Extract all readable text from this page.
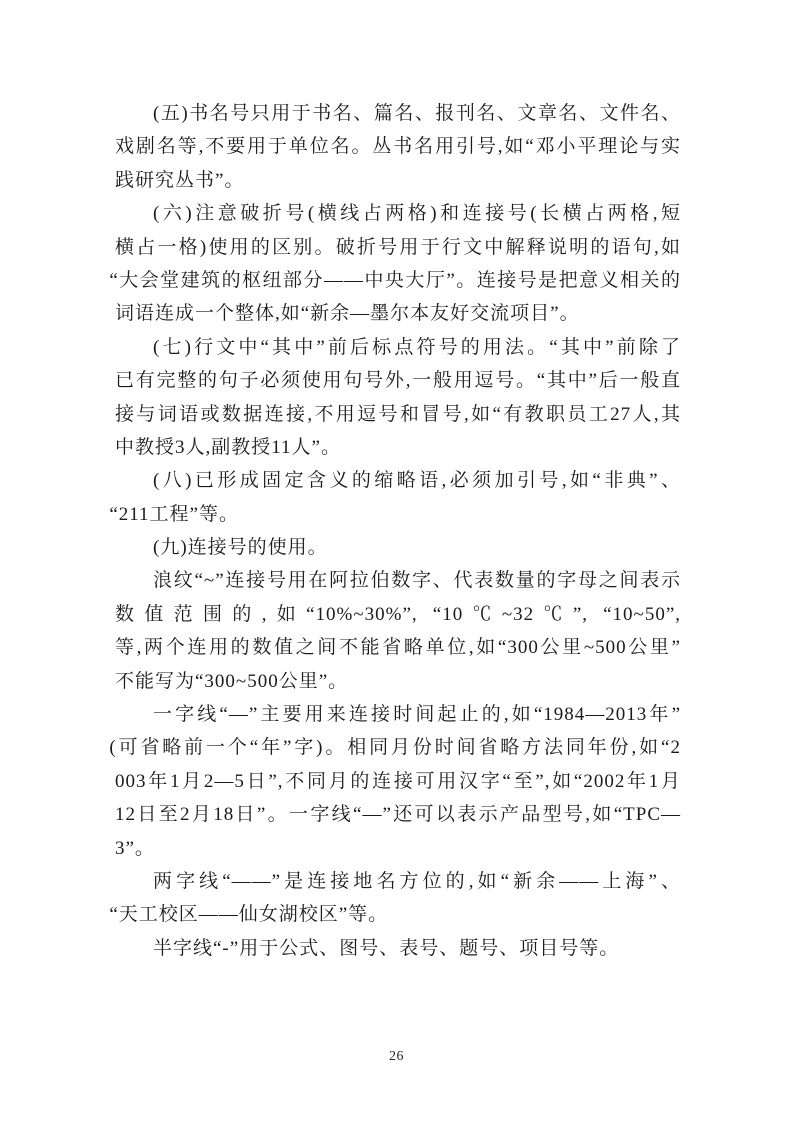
(五)书名号只用于书名、篇名、报刊名、文章名、文件名、
戏剧名等,不要用于单位名。丛书名用引号,如“邓小平理论与实
践研究丛书”。
(六)注意破折号(横线占两格)和连接号(长横占两格,短
横占一格)使用的区别。破折号用于行文中解释说明的语句,如
“大会堂建筑的枢纽部分——中央大厅”。连接号是把意义相关的
词语连成一个整体,如“新余—墨尔本友好交流项目”。
(七)行文中“其中”前后标点符号的用法。“其中”前除了
已有完整的句子必须使用句号外,一般用逗号。“其中”后一般直
接与词语或数据连接,不用逗号和冒号,如“有教职员工27人,其
中教授3人,副教授11人”。
(八)已形成固定含义的缩略语,必须加引号,如“非典”、
“211工程”等。
(九)连接号的使用。
浪纹“~”连接号用在阿拉伯数字、代表数量的字母之间表示
数值范围的,如“10%~30%”, “10℃~32℃”, “10~50”,
等,两个连用的数值之间不能省略单位,如“300公里~500公里”
不能写为“300~500公里”。
一字线“—”主要用来连接时间起止的,如“1984—2013年”
(可省略前一个“年”字)。相同月份时间省略方法同年份,如“2
003年1月2—5日”,不同月的连接可用汉字“至”,如“2002年1月
12日至2月18日”。一字线“—”还可以表示产品型号,如“TPC—
3”。
两字线“——”是连接地名方位的,如“新余——上海”、
“天工校区——仙女湖校区”等。
半字线“-”用于公式、图号、表号、题号、项目号等。
26
